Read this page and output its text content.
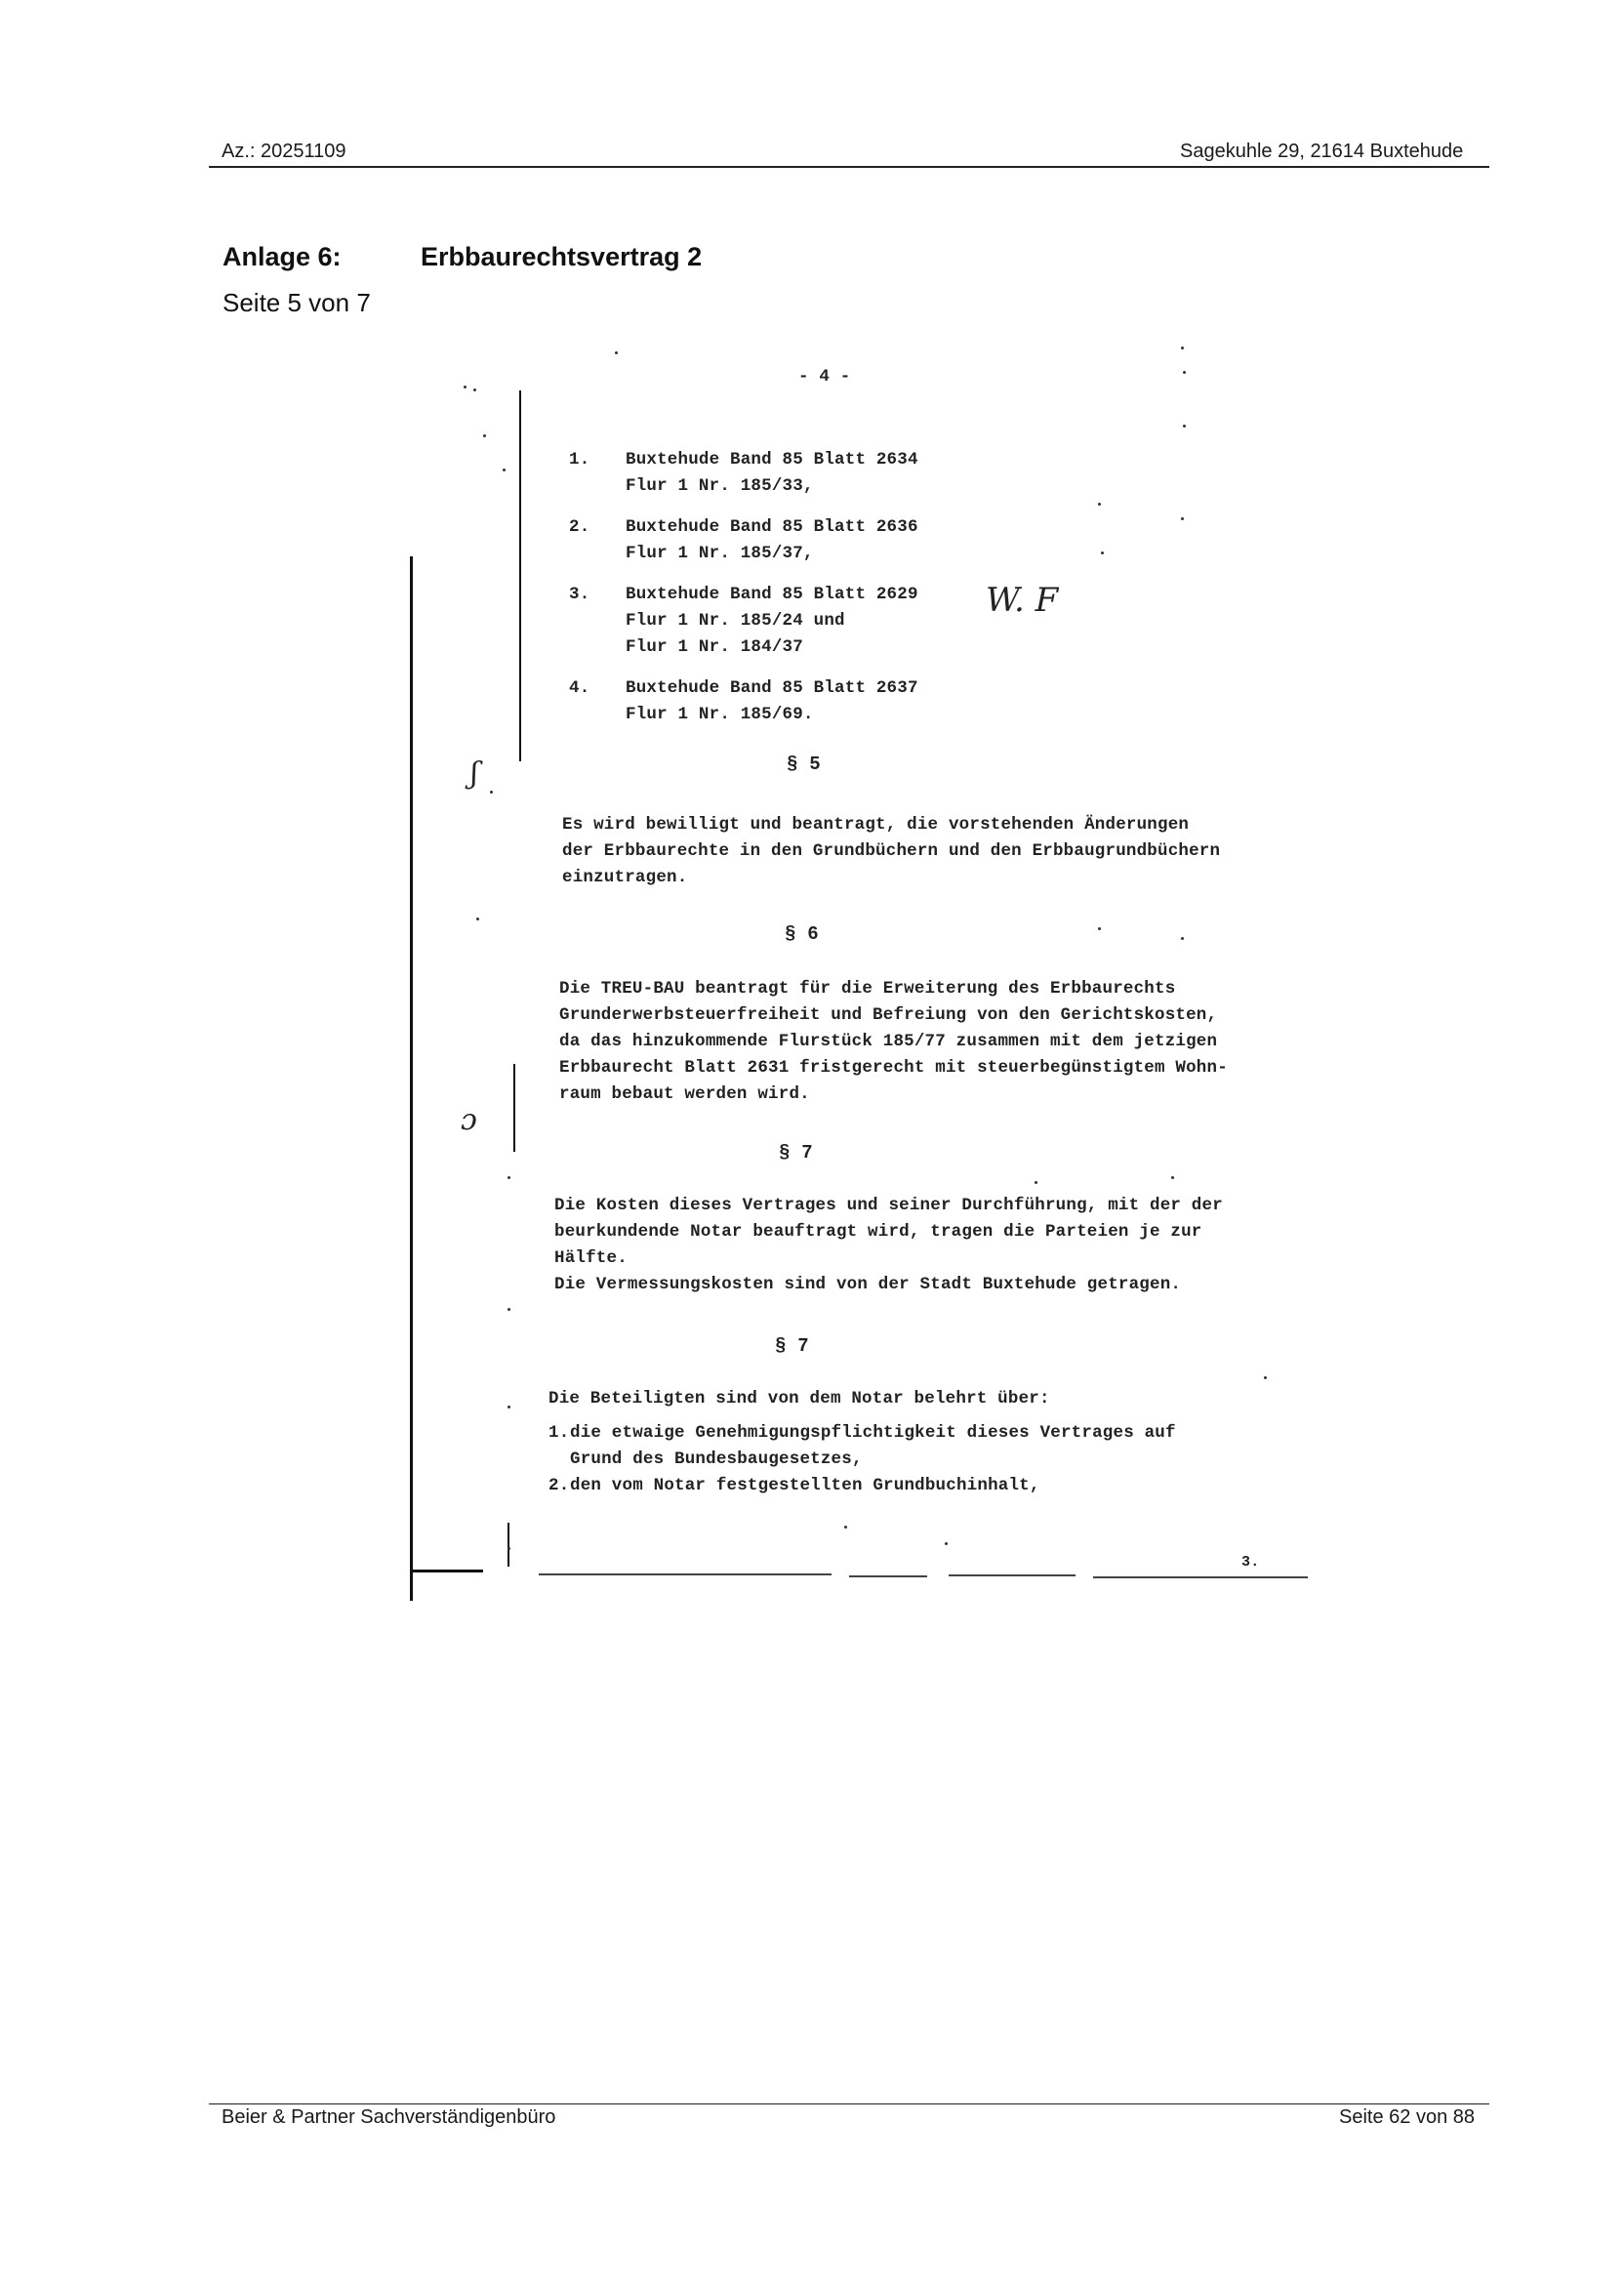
Az.: 20251109	Sagekuhle 29, 21614 Buxtehude
Anlage 6:	Erbbaurechtsvertrag 2
Seite 5 von 7
- 4 -
1. Buxtehude Band 85 Blatt 2634
Flur 1 Nr. 185/33,
2. Buxtehude Band 85 Blatt 2636
Flur 1 Nr. 185/37,
3. Buxtehude Band 85 Blatt 2629
Flur 1 Nr. 185/24 und
Flur 1 Nr. 184/37
4. Buxtehude Band 85 Blatt 2637
Flur 1 Nr. 185/69.
W. F
ʃ
ɔ
§ 5
Es wird bewilligt und beantragt, die vorstehenden Änderungen
der Erbbaurechte in den Grundbüchern und den Erbbaugrundbüchern
einzutragen.
§ 6
Die TREU-BAU beantragt für die Erweiterung des Erbbaurechts
Grunderwerbsteuerfreiheit und Befreiung von den Gerichtskosten,
da das hinzukommende Flurstück 185/77 zusammen mit dem jetzigen
Erbbaurecht Blatt 2631 fristgerecht mit steuerbegünstigtem Wohn-
raum bebaut werden wird.
§ 7
Die Kosten dieses Vertrages und seiner Durchführung, mit der der
beurkundende Notar beauftragt wird, tragen die Parteien je zur
Hälfte.
Die Vermessungskosten sind von der Stadt Buxtehude getragen.
§ 7
Die Beteiligten sind von dem Notar belehrt über:
1.die etwaige Genehmigungspflichtigkeit dieses Vertrages auf
Grund des Bundesbaugesetzes,
2.den vom Notar festgestellten Grundbuchinhalt,
3.
Beier & Partner Sachverständigenbüro	Seite 62 von 88
